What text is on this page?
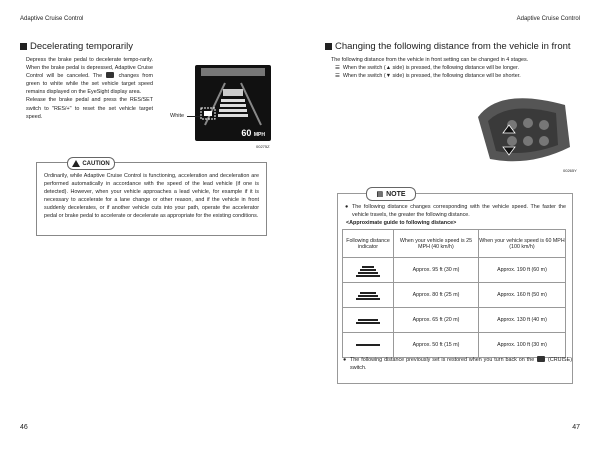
Adaptive Cruise Control	Adaptive Cruise Control
Decelerating temporarily

Depress the brake pedal to decelerate tempo-rarily. When the brake pedal is depressed, Adaptive Cruise Control will be canceled. The	changes from green to white while the set vehicle target speed remains displayed on the EyeSight display area.

Release the brake pedal and press the RES/SET switch to "RES/+" to reset the set vehicle target speed.

60 MPH
White
00275Z
Ordinarily, while Adaptive Cruise Control is functioning, acceleration and deceleration are performed automatically in accordance with the speed of the lead vehicle (if one is detected). However, when your vehicle approaches a lead vehicle, for example if it is necessary to accelerate for a lane change or other reason, and if the vehicle in front suddenly decelerates, or if another vehicle cuts into your path, operate the accelerator pedal or brake pedal to accelerate or decelerate as appropriate for the existing conditions.
CAUTION
Changing the following distance from the vehicle in front

The following distance from the vehicle in front setting can be changed in 4 stages.

☰ When the switch (▲ side) is pressed, the following distance will be longer.

☰ When the switch (▼ side) is pressed, the following distance will be shorter.

00265Y
● The following distance changes corresponding with the vehicle speed. The faster the vehicle travels, the greater the following distance.
<Approximate guide to following distance>
▤ NOTE
Following distance indicator	When your vehicle speed is 25 MPH (40 km/h)	When your vehicle speed is 60 MPH (100 km/h)

	Approx. 95 ft (30 m)	Approx. 190 ft (60 m)

	Approx. 80 ft (25 m)	Approx. 160 ft (50 m)

	Approx. 65 ft (20 m)	Approx. 130 ft (40 m)

	Approx. 50 ft (15 m)	Approx. 100 ft (30 m)
● The following distance previously set is restored when you turn back on the	(CRUISE) switch.
46	47
